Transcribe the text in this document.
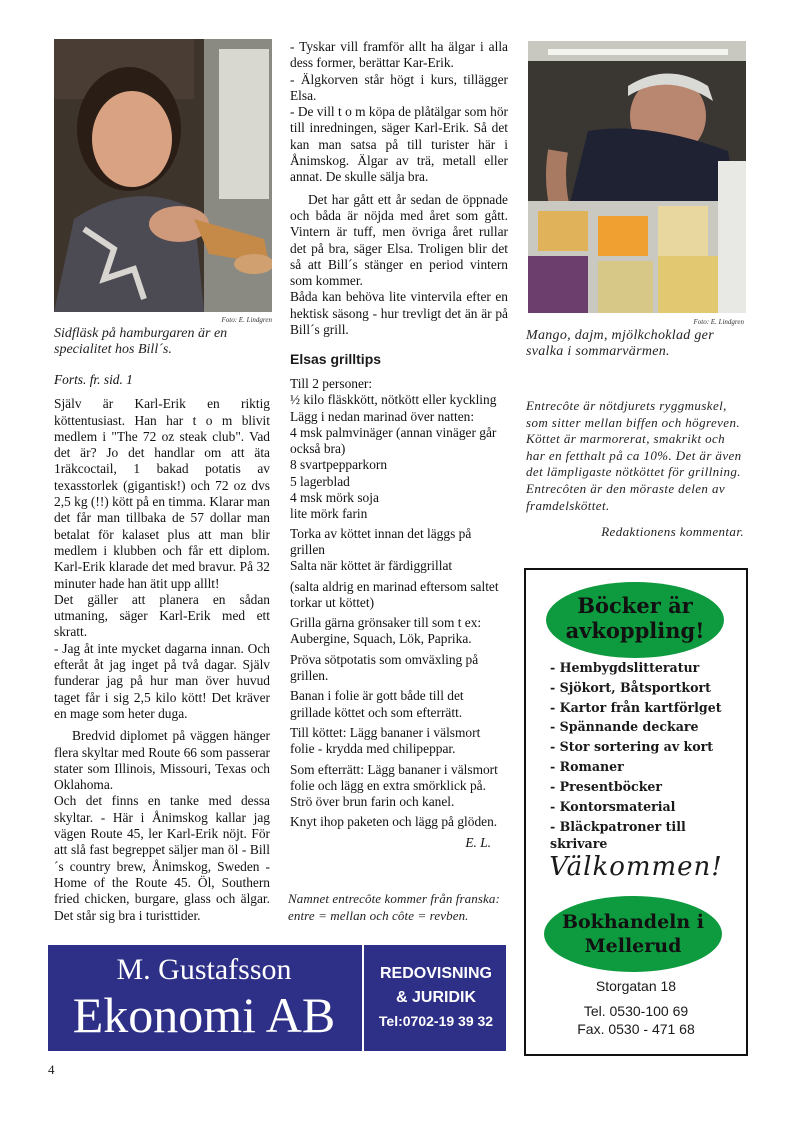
Foto: E. Lindgren
Sidfläsk på hamburgaren är en specialitet hos Bill´s.

Forts. fr. sid. 1

Själv är Karl-Erik en riktig köttentusiast. Han har t o m blivit medlem i "The 72 oz steak club". Vad det är? Jo det handlar om att äta 1räkcoctail, 1 bakad potatis av texasstorlek (gigantisk!) och 72 oz dvs 2,5 kg (!!) kött på en timma. Klarar man det får man tillbaka de 57 dollar man betalat för kalaset plus att man blir medlem i klubben och får ett diplom. Karl-Erik klarade det med bravur. På 32 minuter hade han ätit upp alllt!

Det gäller att planera en sådan utmaning, säger Karl-Erik med ett skratt.

- Jag åt inte mycket dagarna innan. Och efteråt åt jag inget på två dagar. Själv funderar jag på hur man över huvud taget får i sig 2,5 kilo kött! Det kräver en mage som heter duga.

Bredvid diplomet på väggen hänger flera skyltar med Route 66 som passerar stater som Illinois, Missouri, Texas och Oklahoma.

Och det finns en tanke med dessa skyltar. - Här i Ånimskog kallar jag vägen Route 45, ler Karl-Erik nöjt. För att slå fast begreppet säljer man öl - Bill´s country brew, Ånimskog, Sweden - Home of the Route 45. Öl, Southern fried chicken, burgare, glass och älgar. Det står sig bra i turisttider.

- Tyskar vill framför allt ha älgar i alla dess former, berättar Kar-Erik.

- Älgkorven står högt i kurs, tillägger Elsa.

- De vill t o m köpa de plåtälgar som hör till inredningen, säger Karl-Erik. Så det kan man satsa på till turister här i Ånimskog. Älgar av trä, metall eller annat. De skulle sälja bra.

Det har gått ett år sedan de öppnade och båda är nöjda med året som gått. Vintern är tuff, men övriga året rullar det på bra, säger Elsa. Troligen blir det så att Bill´s stänger en period vintern som kommer.

Båda kan behöva lite vintervila efter en hektisk säsong - hur trevligt det än är på Bill´s grill.

Elsas grilltips

Till 2 personer:

½ kilo fläskkött, nötkött eller kyckling

Lägg i nedan marinad över natten:

4 msk palmvinäger (annan vinäger går också bra)

8 svartpepparkorn

5 lagerblad

4 msk mörk soja

lite mörk farin

Torka av köttet innan det läggs på grillen

Salta när köttet är färdiggrillat

(salta aldrig en marinad eftersom saltet torkar ut köttet)

Grilla gärna grönsaker till som t ex: Aubergine, Squach, Lök, Paprika.

Pröva sötpotatis som omväxling på grillen.

Banan i folie är gott både till det grillade köttet och som efterrätt.

Till köttet: Lägg bananer i välsmort folie - krydda med chilipeppar.

Som efterrätt: Lägg bananer i välsmort folie och lägg en extra smörklick på. Strö över brun farin och kanel.

Knyt ihop paketen och lägg på glöden.

E. L.

Namnet entrecôte kommer från franska: entre = mellan och côte = revben.
Foto: E. Lindgren
Mango, dajm, mjölkchoklad ger svalka i sommarvärmen.
Entrecôte är nötdjurets ryggmuskel, som sitter mellan biffen och högreven. Köttet är marmorerat, smakrikt och har en fetthalt på ca 10%. Det är även det lämpligaste nötköttet för grillning. Entrecôten är den möraste delen av framdelsköttet.
Redaktionens kommentar.
Böcker är
avkoppling!
- Hembygdslitteratur
- Sjökort, Båtsportkort
- Kartor från kartförlget
- Spännande deckare
- Stor sortering av kort
- Romaner
- Presentböcker
- Kontorsmaterial
- Bläckpatroner till skrivare
Välkommen!
Bokhandeln i
Mellerud
Storgatan 18
Tel. 0530-100 69
Fax. 0530 - 471 68
M. Gustafsson
Ekonomi AB
REDOVISNING
& JURIDIK
Tel:0702-19 39 32
4
